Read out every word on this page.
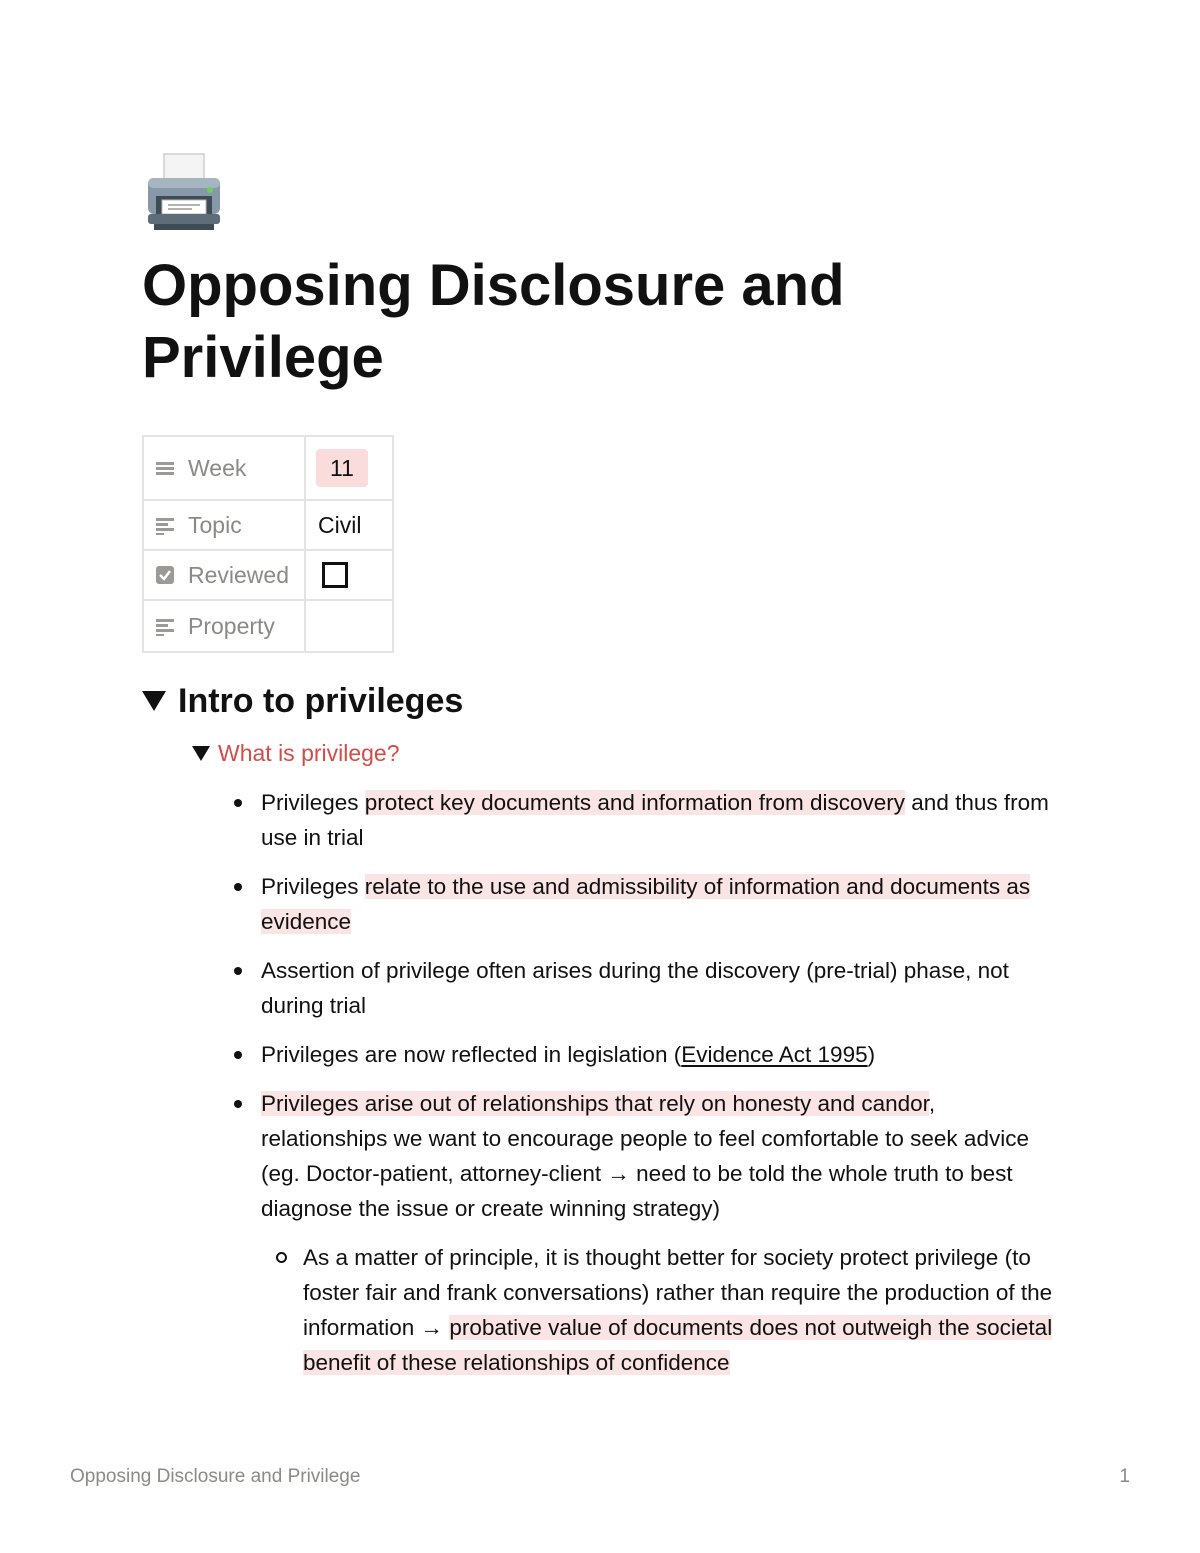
Opposing Disclosure and Privilege
Week	11

Topic	Civil

Reviewed	

Property	

Intro to privileges
What is privilege?
Privileges protect key documents and information from discovery and thus from use in trial
Privileges relate to the use and admissibility of information and documents as evidence
Assertion of privilege often arises during the discovery (pre-trial) phase, not during trial
Privileges are now reflected in legislation (Evidence Act 1995)
Privileges arise out of relationships that rely on honesty and candor, relationships we want to encourage people to feel comfortable to seek advice (eg. Doctor-patient, attorney-client → need to be told the whole truth to best diagnose the issue or create winning strategy)
As a matter of principle, it is thought better for society protect privilege (to foster fair and frank conversations) rather than require the production of the information → probative value of documents does not outweigh the societal benefit of these relationships of confidence
Opposing Disclosure and Privilege	1
